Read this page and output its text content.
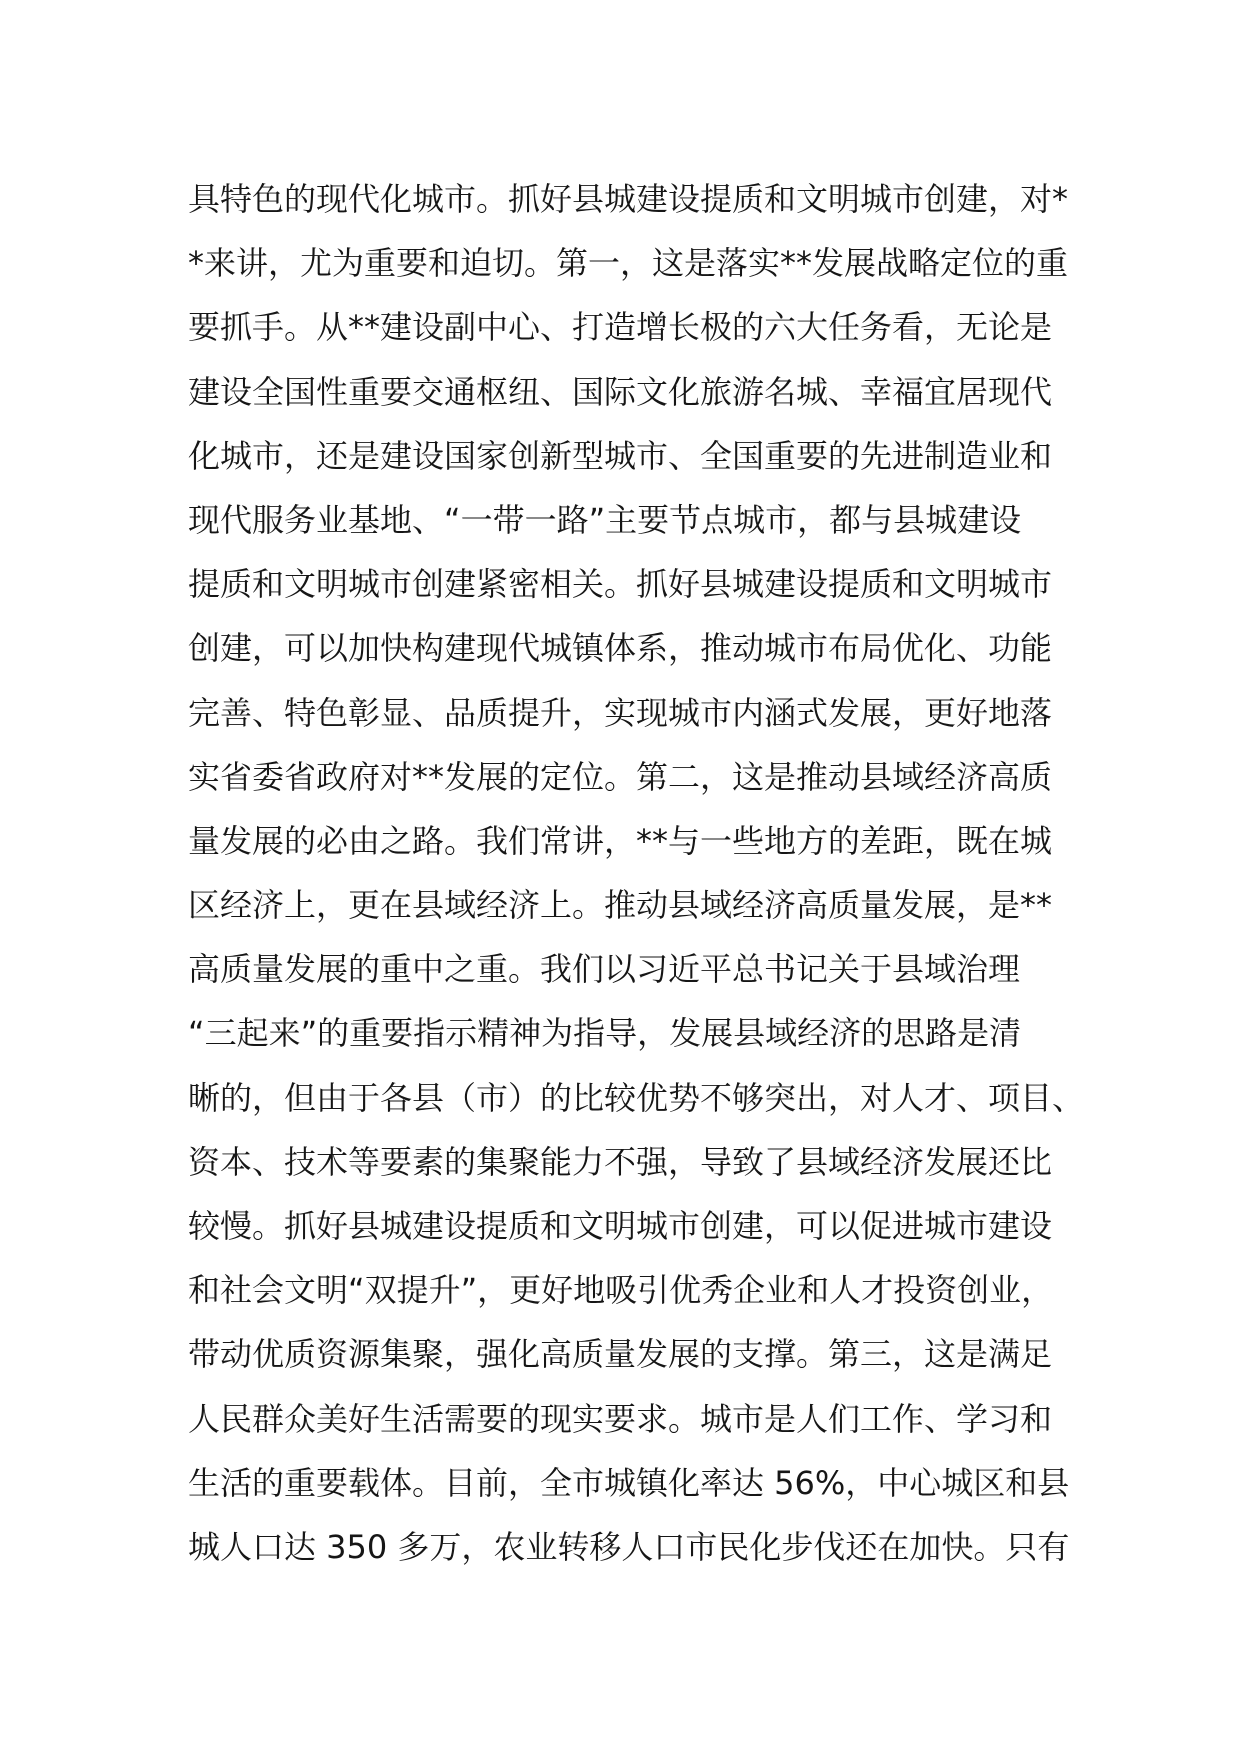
具特色的现代化城市。抓好县城建设提质和文明城市创建，对*
*来讲，尤为重要和迫切。第一，这是落实**发展战略定位的重
要抓手。从**建设副中心、打造增长极的六大任务看，无论是
建设全国性重要交通枢纽、国际文化旅游名城、幸福宜居现代
化城市，还是建设国家创新型城市、全国重要的先进制造业和
现代服务业基地、“一带一路”主要节点城市，都与县城建设
提质和文明城市创建紧密相关。抓好县城建设提质和文明城市
创建，可以加快构建现代城镇体系，推动城市布局优化、功能
完善、特色彰显、品质提升，实现城市内涵式发展，更好地落
实省委省政府对**发展的定位。第二，这是推动县域经济高质
量发展的必由之路。我们常讲，**与一些地方的差距，既在城
区经济上，更在县域经济上。推动县域经济高质量发展，是**
高质量发展的重中之重。我们以习近平总书记关于县域治理
“三起来”的重要指示精神为指导，发展县域经济的思路是清
晰的，但由于各县（市）的比较优势不够突出，对人才、项目、
资本、技术等要素的集聚能力不强，导致了县域经济发展还比
较慢。抓好县城建设提质和文明城市创建，可以促进城市建设
和社会文明“双提升”，更好地吸引优秀企业和人才投资创业，
带动优质资源集聚，强化高质量发展的支撑。第三，这是满足
人民群众美好生活需要的现实要求。城市是人们工作、学习和
生活的重要载体。目前，全市城镇化率达 56%，中心城区和县
城人口达 350 多万，农业转移人口市民化步伐还在加快。只有
